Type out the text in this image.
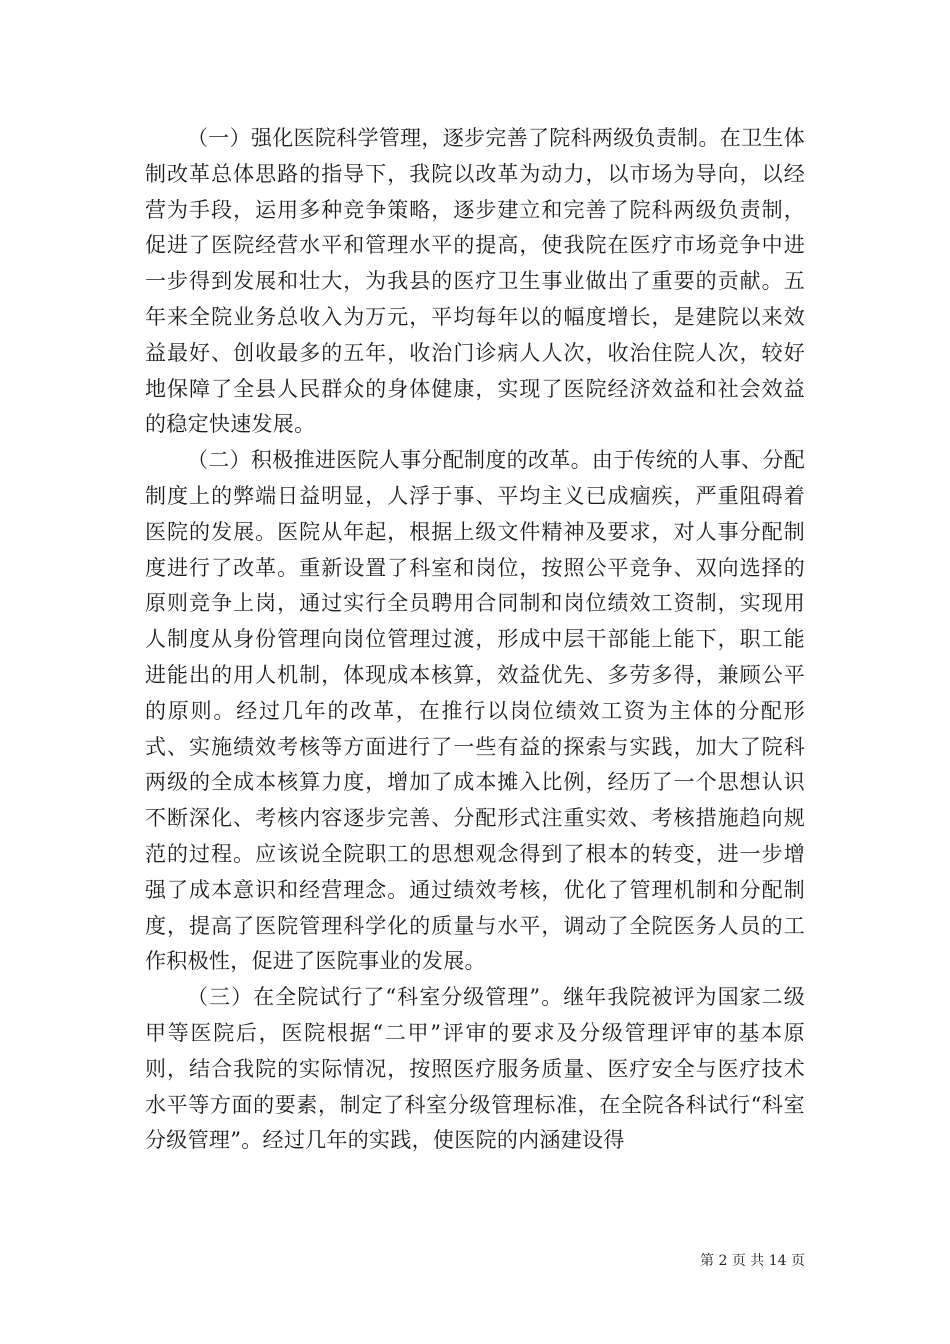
（一）强化医院科学管理，逐步完善了院科两级负责制。在卫生体制改革总体思路的指导下，我院以改革为动力，以市场为导向，以经营为手段，运用多种竞争策略，逐步建立和完善了院科两级负责制，促进了医院经营水平和管理水平的提高，使我院在医疗市场竞争中进一步得到发展和壮大，为我县的医疗卫生事业做出了重要的贡献。五年来全院业务总收入为万元，平均每年以的幅度增长，是建院以来效益最好、创收最多的五年，收治门诊病人人次，收治住院人次，较好地保障了全县人民群众的身体健康，实现了医院经济效益和社会效益的稳定快速发展。

（二）积极推进医院人事分配制度的改革。由于传统的人事、分配制度上的弊端日益明显，人浮于事、平均主义已成痼疾，严重阻碍着医院的发展。医院从年起，根据上级文件精神及要求，对人事分配制度进行了改革。重新设置了科室和岗位，按照公平竞争、双向选择的原则竞争上岗，通过实行全员聘用合同制和岗位绩效工资制，实现用人制度从身份管理向岗位管理过渡，形成中层干部能上能下，职工能进能出的用人机制，体现成本核算，效益优先、多劳多得，兼顾公平的原则。经过几年的改革，在推行以岗位绩效工资为主体的分配形式、实施绩效考核等方面进行了一些有益的探索与实践，加大了院科两级的全成本核算力度，增加了成本摊入比例，经历了一个思想认识不断深化、考核内容逐步完善、分配形式注重实效、考核措施趋向规范的过程。应该说全院职工的思想观念得到了根本的转变，进一步增强了成本意识和经营理念。通过绩效考核，优化了管理机制和分配制度，提高了医院管理科学化的质量与水平，调动了全院医务人员的工作积极性，促进了医院事业的发展。

（三）在全院试行了“科室分级管理”。继年我院被评为国家二级甲等医院后，医院根据“二甲”评审的要求及分级管理评审的基本原则，结合我院的实际情况，按照医疗服务质量、医疗安全与医疗技术水平等方面的要素，制定了科室分级管理标准，在全院各科试行“科室分级管理”。经过几年的实践，使医院的内涵建设得

第 2 页 共 14 页
